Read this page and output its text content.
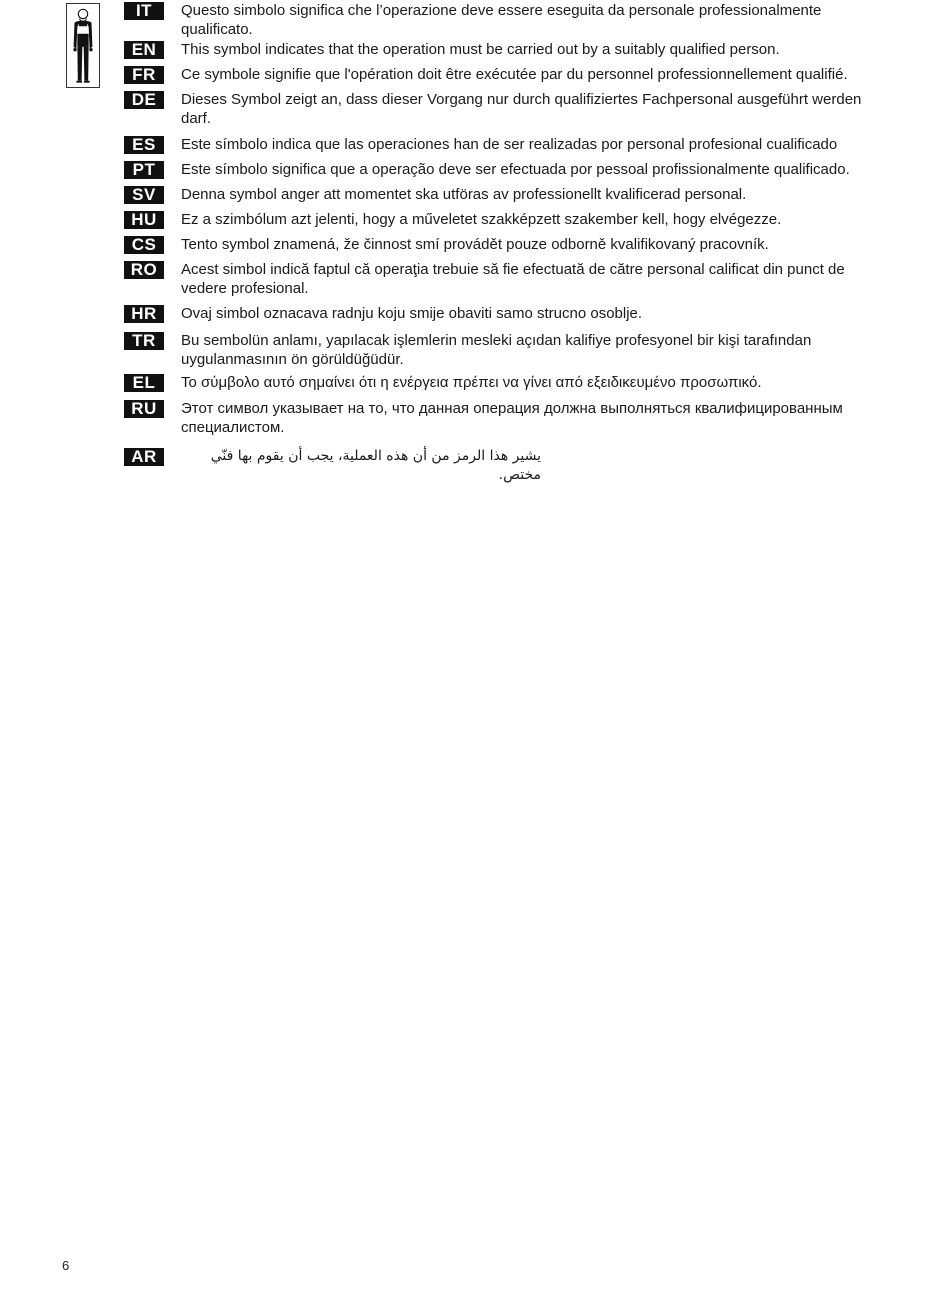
IT	Questo simbolo significa che l’operazione deve essere eseguita da personale professionalmente qualificato.
EN	This symbol indicates that the operation must be carried out by a suitably qualified person.
FR	Ce symbole signifie que l'opération doit être exécutée par du personnel professionnellement qualifié.
DE	Dieses Symbol zeigt an, dass dieser Vorgang nur durch qualifiziertes Fachpersonal ausgeführt werden darf.
ES	Este símbolo indica que las operaciones han de ser realizadas por personal profesional cualificado
PT	Este símbolo significa que a operação deve ser efectuada por pessoal profissionalmente qualificado.
SV	Denna symbol anger att momentet ska utföras av professionellt kvalificerad personal.
HU	Ez a szimbólum azt jelenti, hogy a műveletet szakképzett szakember kell, hogy elvégezze.
CS	Tento symbol znamená, že činnost smí provádět pouze odborně kvalifikovaný pracovník.
RO	Acest simbol indică faptul că operaţia trebuie să fie efectuată de către personal calificat din punct de vedere profesional.
HR	Ovaj simbol oznacava radnju koju smije obaviti samo strucno osoblje.
TR	Bu sembolün anlamı, yapılacak işlemlerin mesleki açıdan kalifiye profesyonel bir kişi tarafından uygulanmasının ön görüldüğüdür.
EL	Το σύμβολο αυτό σημαίνει ότι η ενέργεια πρέπει να γίνει από εξειδικευμένο προσωπικό.
RU	Этот символ указывает на то, что данная операция должна выполняться квалифицированным специалистом.
AR	يشير هذا الرمز من أن هذه العملية، يجب أن يقوم بها فنّي مختص.
6
